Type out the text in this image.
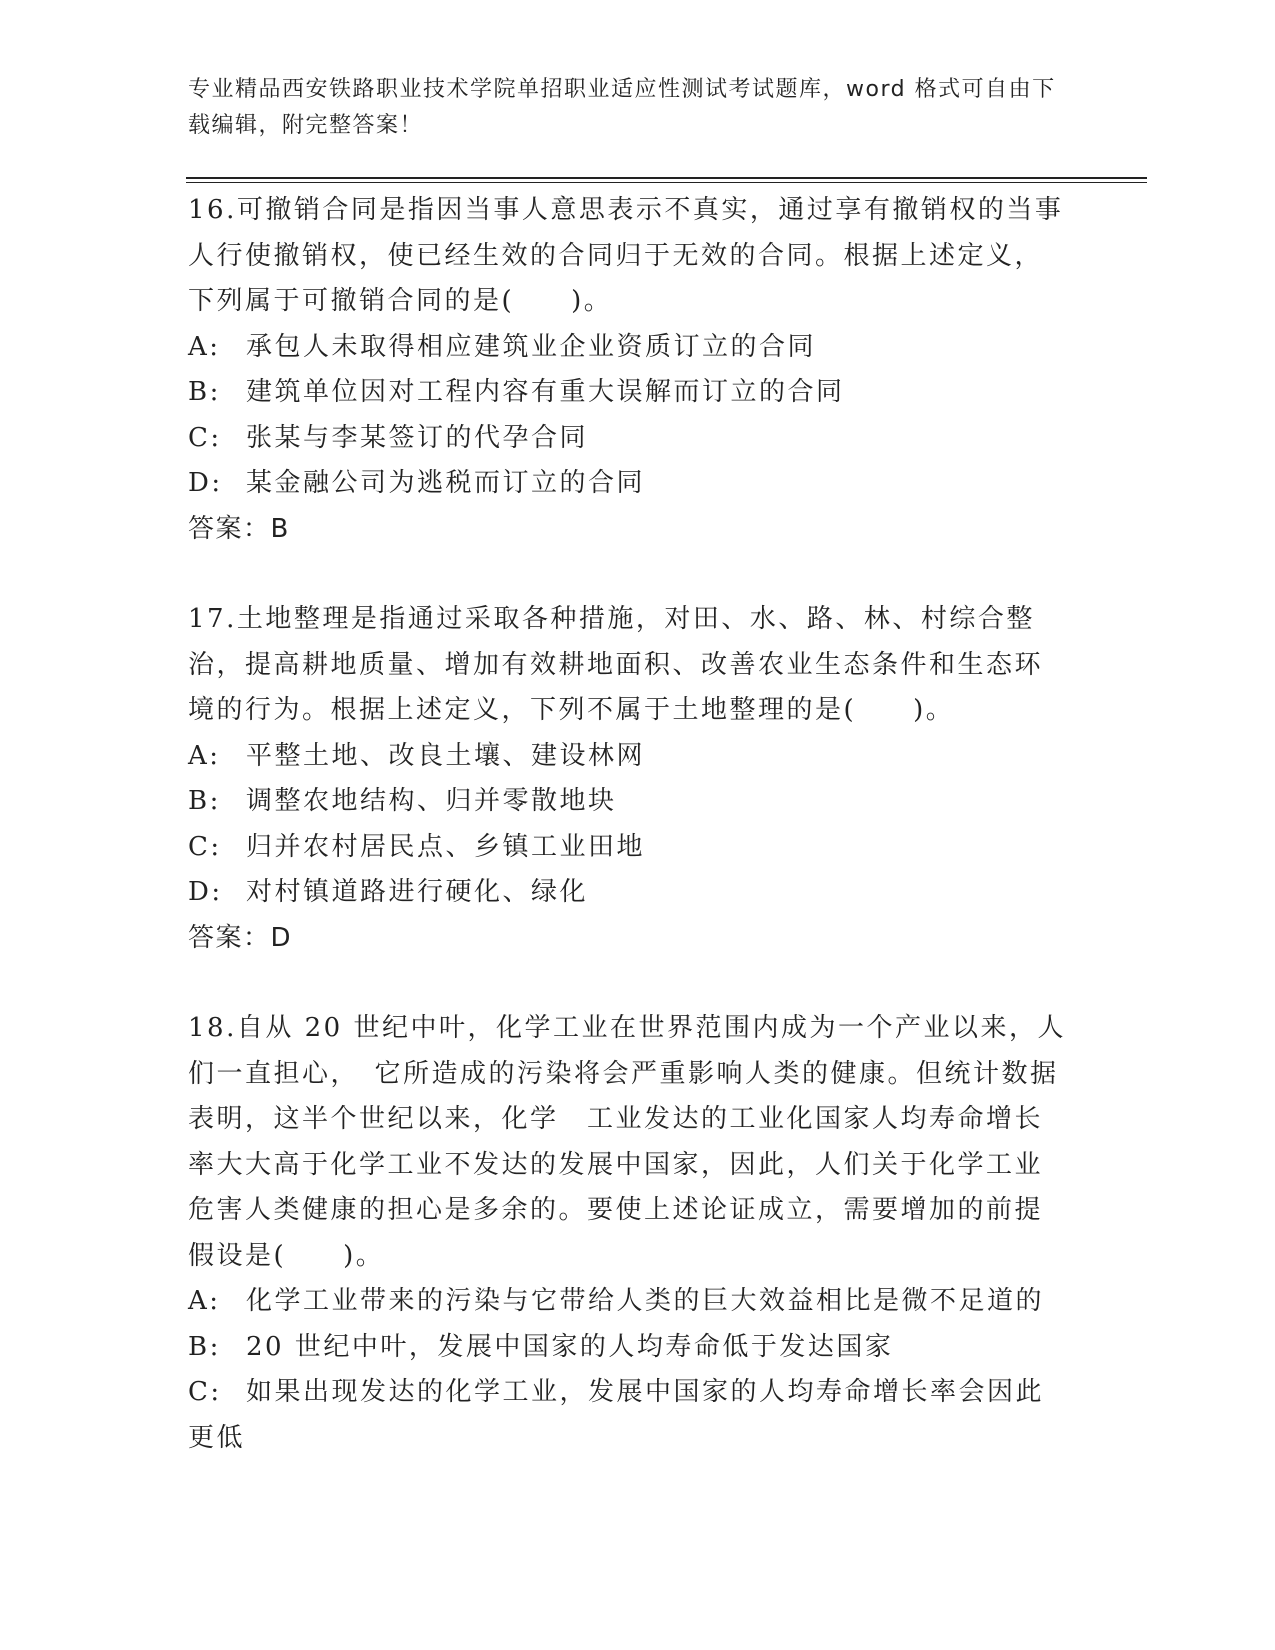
专业精品西安铁路职业技术学院单招职业适应性测试考试题库，word 格式可自由下载编辑，附完整答案！

16.可撤销合同是指因当事人意思表示不真实，通过享有撤销权的当事人行使撤销权，使已经生效的合同归于无效的合同。根据上述定义，下列属于可撤销合同的是(　　)。

A: 承包人未取得相应建筑业企业资质订立的合同

B: 建筑单位因对工程内容有重大误解而订立的合同

C: 张某与李某签订的代孕合同

D: 某金融公司为逃税而订立的合同

答案：B

17.土地整理是指通过采取各种措施，对田、水、路、林、村综合整治，提高耕地质量、增加有效耕地面积、改善农业生态条件和生态环境的行为。根据上述定义，下列不属于土地整理的是(　　)。

A: 平整土地、改良土壤、建设林网

B: 调整农地结构、归并零散地块

C: 归并农村居民点、乡镇工业田地

D: 对村镇道路进行硬化、绿化

答案：D

18.自从 20 世纪中叶，化学工业在世界范围内成为一个产业以来，人们一直担心，　它所造成的污染将会严重影响人类的健康。但统计数据表明，这半个世纪以来，化学　工业发达的工业化国家人均寿命增长率大大高于化学工业不发达的发展中国家，因此，人们关于化学工业危害人类健康的担心是多余的。要使上述论证成立，需要增加的前提假设是(　　)。

A: 化学工业带来的污染与它带给人类的巨大效益相比是微不足道的

B: 20 世纪中叶，发展中国家的人均寿命低于发达国家

C: 如果出现发达的化学工业，发展中国家的人均寿命增长率会因此更低
